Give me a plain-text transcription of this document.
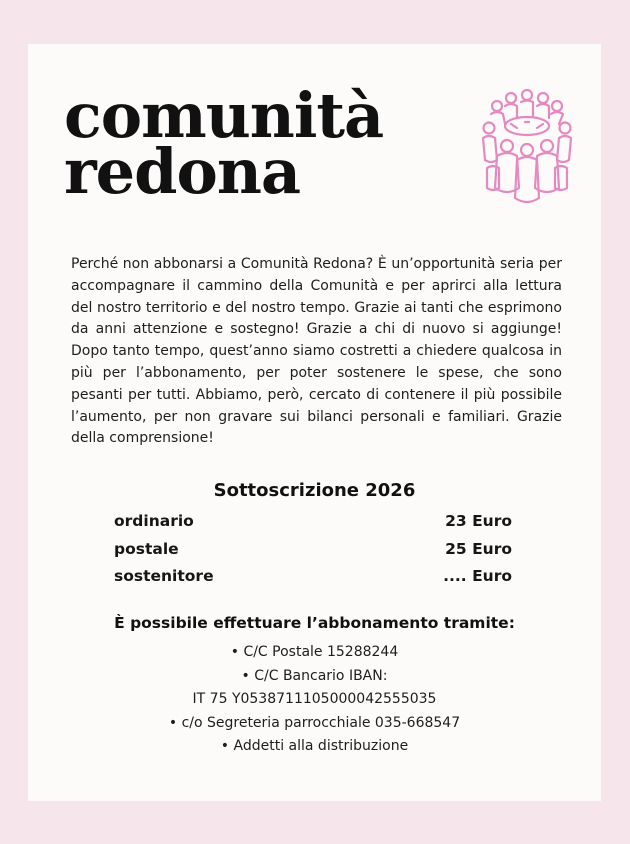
comunità
redona
Perché non abbonarsi a Comunità Redona? È un’opportunità seria per accompagnare il cammino della Comunità e per aprirci alla lettura del nostro territorio e del nostro tempo. Grazie ai tanti che esprimono da anni attenzione e sostegno! Grazie a chi di nuovo si aggiunge! Dopo tanto tempo, quest’anno siamo costretti a chiedere qualcosa in più per l’abbonamento, per poter sostenere le spese, che sono pesanti per tutti. Abbiamo, però, cercato di contenere il più possibile l’aumento, per non gravare sui bilanci personali e familiari. Grazie della comprensione!
Sottoscrizione 2026
ordinario	23 Euro
postale	25 Euro
sostenitore	.... Euro
È possibile effettuare l’abbonamento tramite:
• C/C Postale 15288244
• C/C Bancario IBAN:
IT 75 Y0538711105000042555035
• c/o Segreteria parrocchiale 035-668547
• Addetti alla distribuzione
